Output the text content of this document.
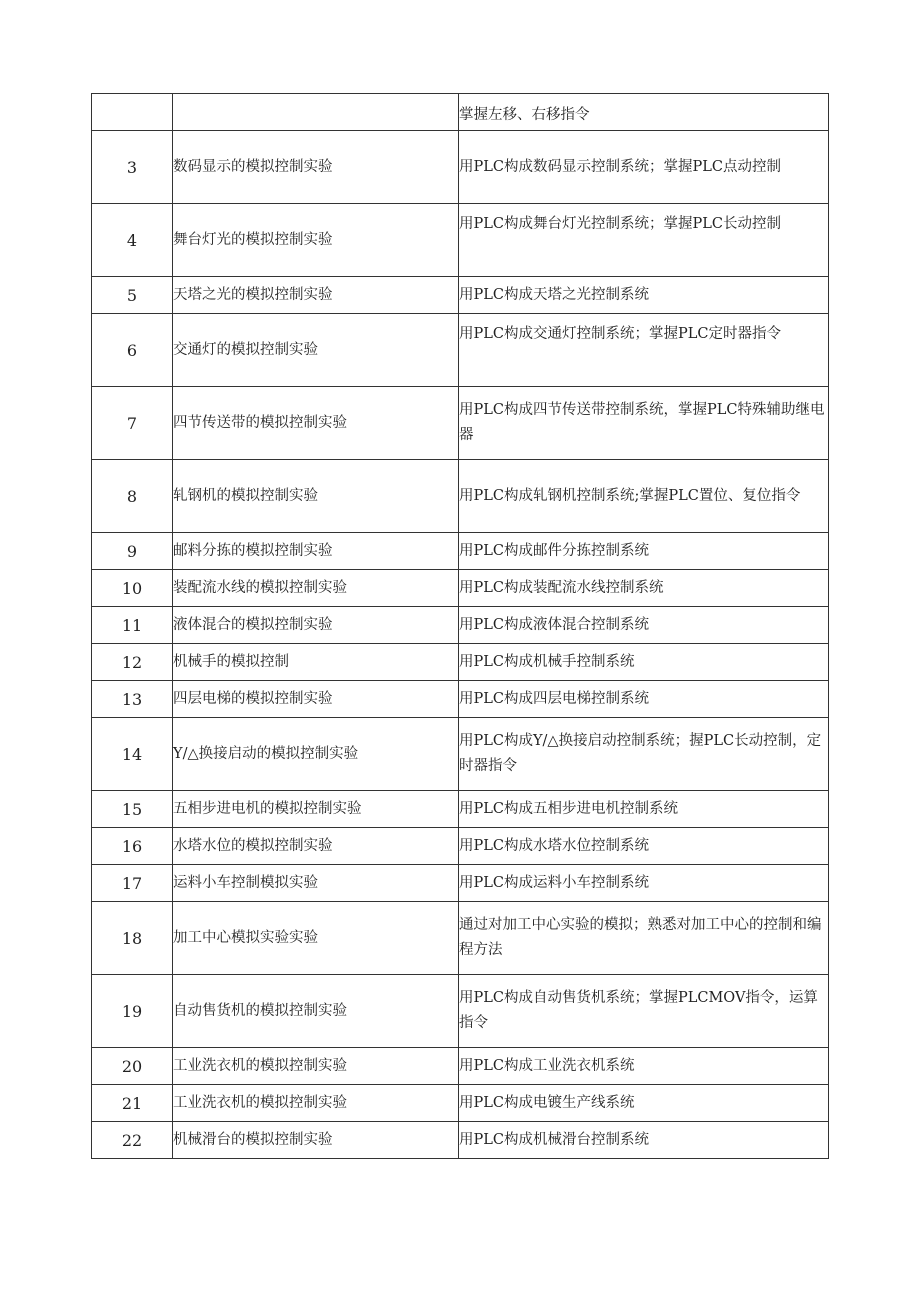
		掌握左移、右移指令
3	数码显示的模拟控制实验	用PLC构成数码显示控制系统；掌握PLC点动控制
4	舞台灯光的模拟控制实验	用PLC构成舞台灯光控制系统；掌握PLC长动控制
5	天塔之光的模拟控制实验	用PLC构成天塔之光控制系统
6	交通灯的模拟控制实验	用PLC构成交通灯控制系统；掌握PLC定时器指令
7	四节传送带的模拟控制实验	用PLC构成四节传送带控制系统，掌握PLC特殊辅助继电器
8	轧钢机的模拟控制实验	用PLC构成轧钢机控制系统;掌握PLC置位、复位指令
9	邮料分拣的模拟控制实验	用PLC构成邮件分拣控制系统
10	装配流水线的模拟控制实验	用PLC构成装配流水线控制系统
11	液体混合的模拟控制实验	用PLC构成液体混合控制系统
12	机械手的模拟控制	用PLC构成机械手控制系统
13	四层电梯的模拟控制实验	用PLC构成四层电梯控制系统
14	Y/△换接启动的模拟控制实验	用PLC构成Y/△换接启动控制系统；握PLC长动控制，定时器指令
15	五相步进电机的模拟控制实验	用PLC构成五相步进电机控制系统
16	水塔水位的模拟控制实验	用PLC构成水塔水位控制系统
17	运料小车控制模拟实验	用PLC构成运料小车控制系统
18	加工中心模拟实验实验	通过对加工中心实验的模拟；熟悉对加工中心的控制和编程方法
19	自动售货机的模拟控制实验	用PLC构成自动售货机系统；掌握PLCMOV指令，运算指令
20	工业洗衣机的模拟控制实验	用PLC构成工业洗衣机系统
21	工业洗衣机的模拟控制实验	用PLC构成电镀生产线系统
22	机械滑台的模拟控制实验	用PLC构成机械滑台控制系统
